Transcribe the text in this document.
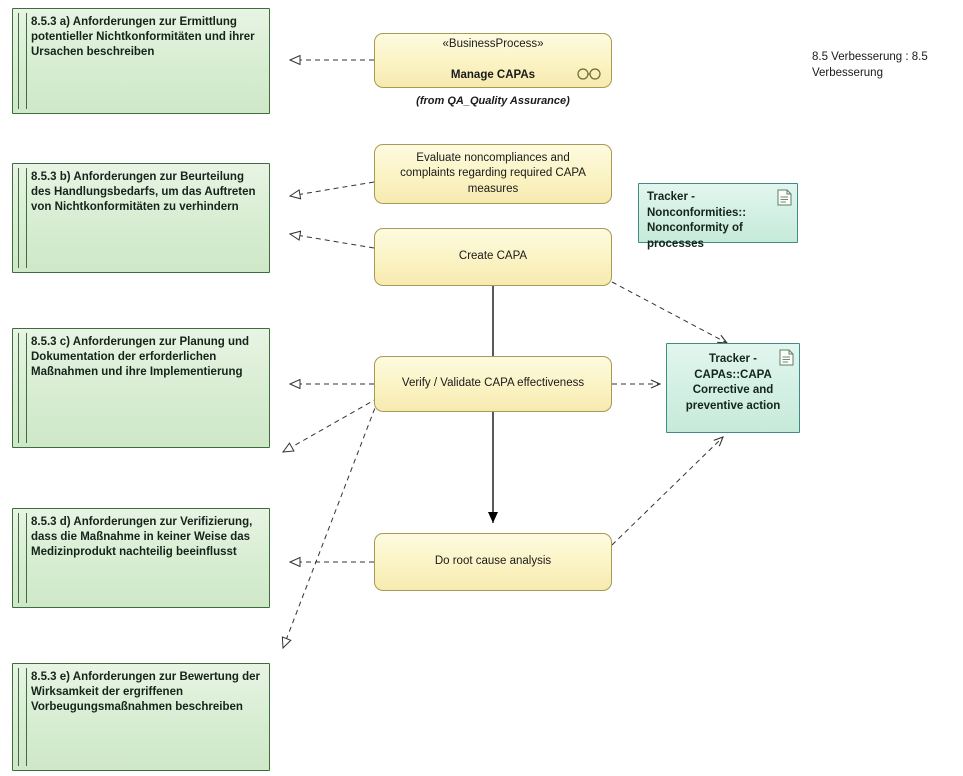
8.5.3 a) Anforderungen zur Ermittlung potentieller Nichtkonformitäten und ihrer Ursachen beschreiben
8.5.3 b) Anforderungen zur Beurteilung des Handlungsbedarfs, um das Auftreten von Nichtkonformitäten zu verhindern
8.5.3 c) Anforderungen zur Planung und Dokumentation der erforderlichen Maßnahmen und ihre Implementierung
8.5.3 d) Anforderungen zur Verifizierung, dass die Maßnahme in keiner Weise das Medizinprodukt nachteilig beeinflusst
8.5.3 e) Anforderungen zur Bewertung der Wirksamkeit der ergriffenen Vorbeugungsmaßnahmen beschreiben

«BusinessProcess»

Manage CAPAs

(from QA_Quality Assurance)
Evaluate noncompliances and complaints regarding required CAPA measures
Create CAPA
Verify / Validate CAPA effectiveness
Do root cause analysis
Tracker - Nonconformities:: Nonconformity of processes
Tracker - CAPAs::CAPA Corrective and preventive action
8.5 Verbesserung : 8.5 Verbesserung
